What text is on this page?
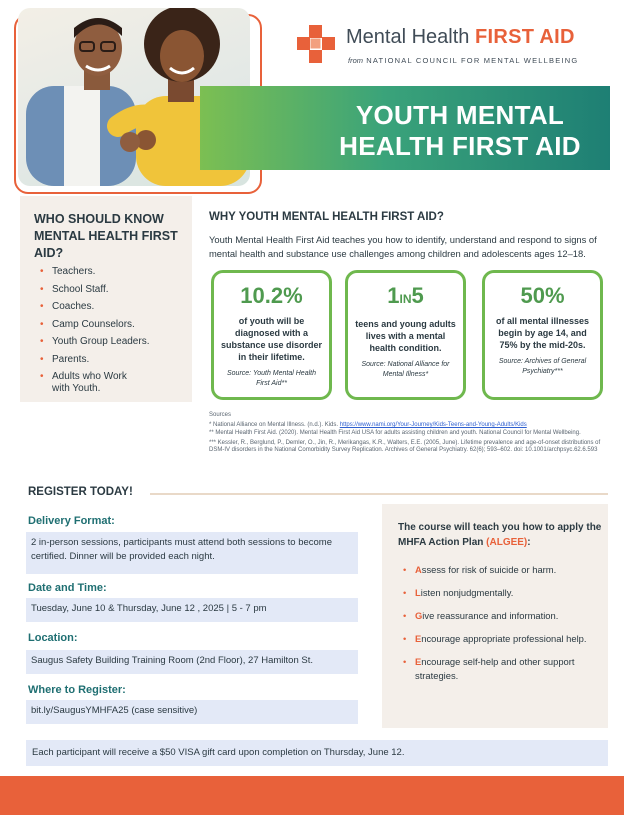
Mental Health FIRST AID
from NATIONAL COUNCIL FOR MENTAL WELLBEING
YOUTH MENTAL
HEALTH FIRST AID
WHO SHOULD KNOW MENTAL HEALTH FIRST AID?
• Teachers.
• School Staff.
• Coaches.
• Camp Counselors.
• Youth Group Leaders.
• Parents.
• Adults who Work with Youth.
WHY YOUTH MENTAL HEALTH FIRST AID?
Youth Mental Health First Aid teaches you how to identify, understand and respond to signs of mental health and substance use challenges among children and adolescents ages 12–18.
10.2%
of youth will be diagnosed with a substance use disorder in their lifetime.
Source: Youth Mental Health First Aid**
1IN5
teens and young adults lives with a mental health condition.
Source: National Alliance for Mental Illness*
50%
of all mental illnesses begin by age 14, and 75% by the mid-20s.
Source: Archives of General Psychiatry***
Sources
* National Alliance on Mental Illness. (n.d.). Kids. https://www.nami.org/Your-Journey/Kids-Teens-and-Young-Adults/Kids
** Mental Health First Aid. (2020). Mental Health First Aid USA for adults assisting children and youth. National Council for Mental Wellbeing.
*** Kessler, R., Berglund, P., Demler, O., Jin, R., Merikangas, K.R., Walters, E.E. (2005, June). Lifetime prevalence and age-of-onset distributions of DSM-IV disorders in the National Comorbidity Survey Replication. Archives of General Psychiatry. 62(6); 593–602. doi: 10.1001/archpsyc.62.6.593
REGISTER TODAY!
Delivery Format:
2 in-person sessions, participants must attend both sessions to become certified. Dinner will be provided each night.
Date and Time:
Tuesday, June 10 & Thursday, June 12 , 2025 | 5 - 7 pm
Location:
Saugus Safety Building Training Room (2nd Floor), 27 Hamilton St.
Where to Register:
bit.ly/SaugusYMHFA25 (case sensitive)
The course will teach you how to apply the MHFA Action Plan (ALGEE):
• Assess for risk of suicide or harm.
• Listen nonjudgmentally.
• Give reassurance and information.
• Encourage appropriate professional help.
• Encourage self-help and other support strategies.
Each participant will receive a $50 VISA gift card upon completion on Thursday, June 12.
